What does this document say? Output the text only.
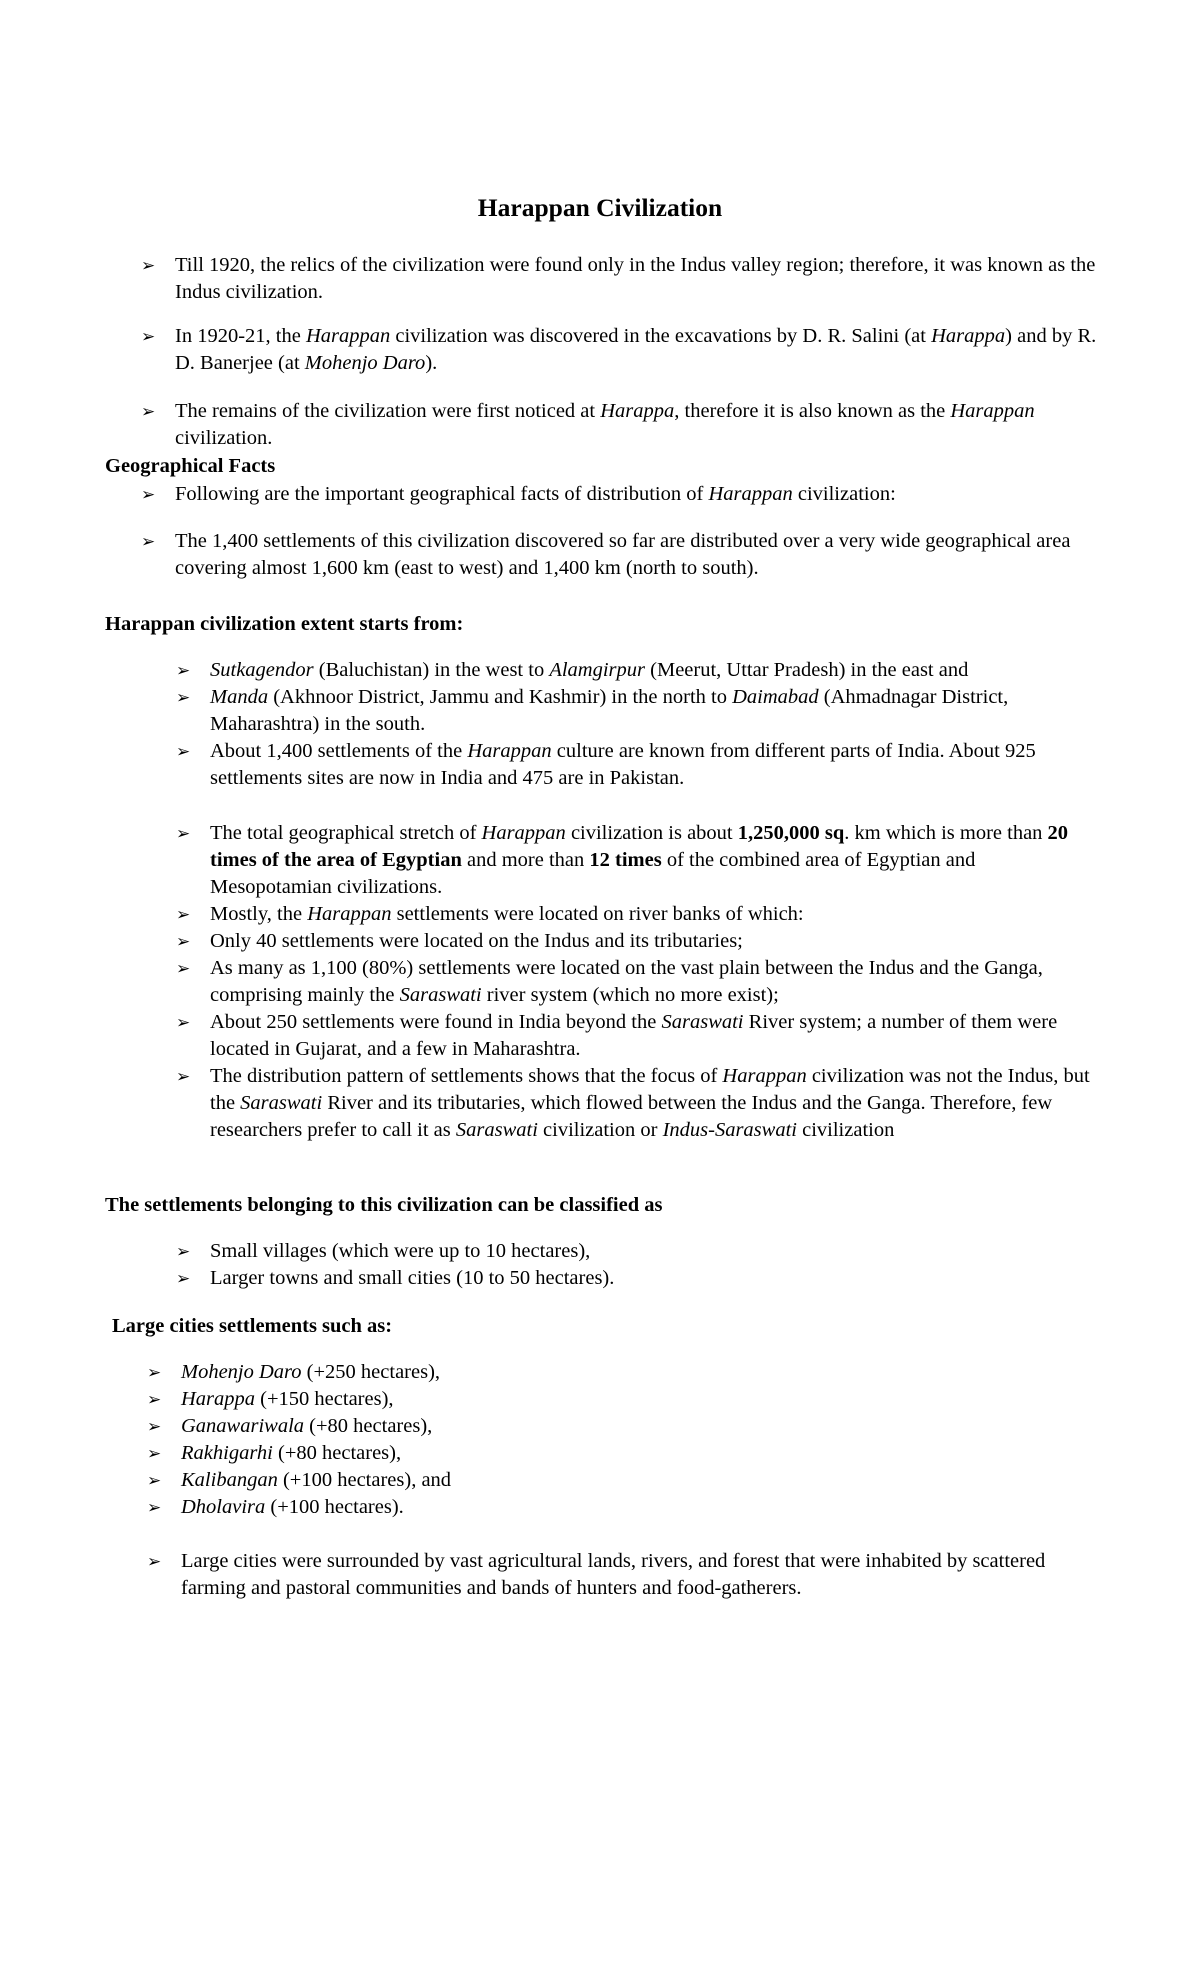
Harappan Civilization
➢ Till 1920, the relics of the civilization were found only in the Indus valley region; therefore, it was known as the Indus civilization.
➢ In 1920-21, the Harappan civilization was discovered in the excavations by D. R. Salini (at Harappa) and by R. D. Banerjee (at Mohenjo Daro).
➢ The remains of the civilization were first noticed at Harappa, therefore it is also known as the Harappan civilization.
Geographical Facts
➢ Following are the important geographical facts of distribution of Harappan civilization:
➢ The 1,400 settlements of this civilization discovered so far are distributed over a very wide geographical area covering almost 1,600 km (east to west) and 1,400 km (north to south).
Harappan civilization extent starts from:
➢ Sutkagendor (Baluchistan) in the west to Alamgirpur (Meerut, Uttar Pradesh) in the east and
➢ Manda (Akhnoor District, Jammu and Kashmir) in the north to Daimabad (Ahmadnagar District, Maharashtra) in the south.
➢ About 1,400 settlements of the Harappan culture are known from different parts of India. About 925 settlements sites are now in India and 475 are in Pakistan.
➢ The total geographical stretch of Harappan civilization is about 1,250,000 sq. km which is more than 20 times of the area of Egyptian and more than 12 times of the combined area of Egyptian and Mesopotamian civilizations.
➢ Mostly, the Harappan settlements were located on river banks of which:
➢ Only 40 settlements were located on the Indus and its tributaries;
➢ As many as 1,100 (80%) settlements were located on the vast plain between the Indus and the Ganga, comprising mainly the Saraswati river system (which no more exist);
➢ About 250 settlements were found in India beyond the Saraswati River system; a number of them were located in Gujarat, and a few in Maharashtra.
➢ The distribution pattern of settlements shows that the focus of Harappan civilization was not the Indus, but the Saraswati River and its tributaries, which flowed between the Indus and the Ganga. Therefore, few researchers prefer to call it as Saraswati civilization or Indus-Saraswati civilization
The settlements belonging to this civilization can be classified as
➢ Small villages (which were up to 10 hectares),
➢ Larger towns and small cities (10 to 50 hectares).
Large cities settlements such as:
➢ Mohenjo Daro (+250 hectares),
➢ Harappa (+150 hectares),
➢ Ganawariwala (+80 hectares),
➢ Rakhigarhi (+80 hectares),
➢ Kalibangan (+100 hectares), and
➢ Dholavira (+100 hectares).
➢ Large cities were surrounded by vast agricultural lands, rivers, and forest that were inhabited by scattered farming and pastoral communities and bands of hunters and food-gatherers.
